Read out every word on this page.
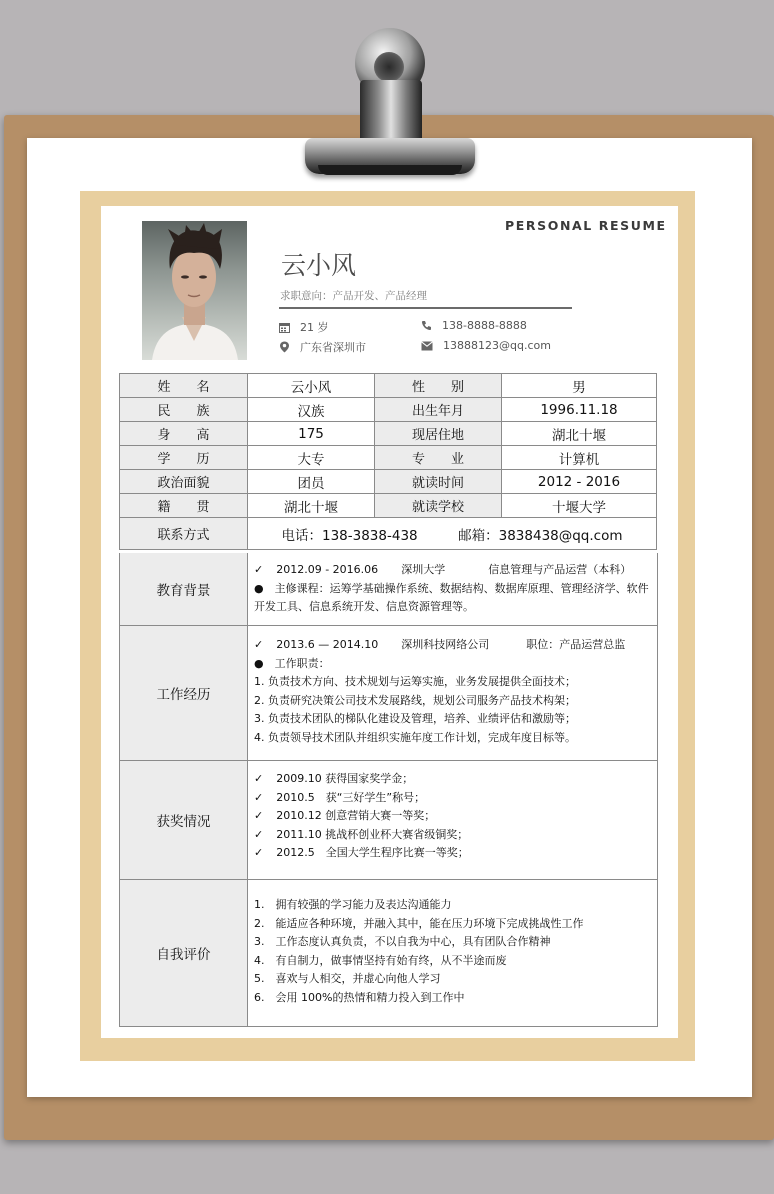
PERSONAL RESUME
云小风
求职意向：产品开发、产品经理
21 岁	138-8888-8888
广东省深圳市	13888123@qq.com
姓　　名	云小风	性　　别	男
民　　族	汉族	出生年月	1996.11.18
身　　高	175	现居住地	湖北十堰
学　　历	大专	专　　业	计算机
政治面貌	团员	就读时间	2012 - 2016
籍　　贯	湖北十堰	就读学校	十堰大学
联系方式	电话：138-3838-438　　　邮箱：3838438@qq.com		
教育背景
✓ 2012.09 - 2016.06	深圳大学	信息管理与产品运营（本科）
● 主修课程：运筹学基础操作系统、数据结构、数据库原理、管理经济学、软件
开发工具、信息系统开发、信息资源管理等。
工作经历
✓ 2013.6 — 2014.10	深圳科技网络公司	职位：产品运营总监
● 工作职责：
1. 负责技术方向、技术规划与运筹实施，业务发展提供全面技术；
2. 负责研究决策公司技术发展路线，规划公司服务产品技术构架；
3. 负责技术团队的梯队化建设及管理，培养、业绩评估和激励等；
4. 负责领导技术团队并组织实施年度工作计划，完成年度目标等。
获奖情况
✓ 2009.10 获得国家奖学金；
✓ 2010.5　获“三好学生”称号；
✓ 2010.12 创意营销大赛一等奖；
✓ 2011.10 挑战杯创业杯大赛省级铜奖；
✓ 2012.5　全国大学生程序比赛一等奖；
自我评价
1.　拥有较强的学习能力及表达沟通能力
2.　能适应各种环境，并融入其中，能在压力环境下完成挑战性工作
3.　工作态度认真负责，不以自我为中心，具有团队合作精神
4.　有自制力，做事情坚持有始有终，从不半途而废
5.　喜欢与人相交，并虚心向他人学习
6.　会用 100%的热情和精力投入到工作中
